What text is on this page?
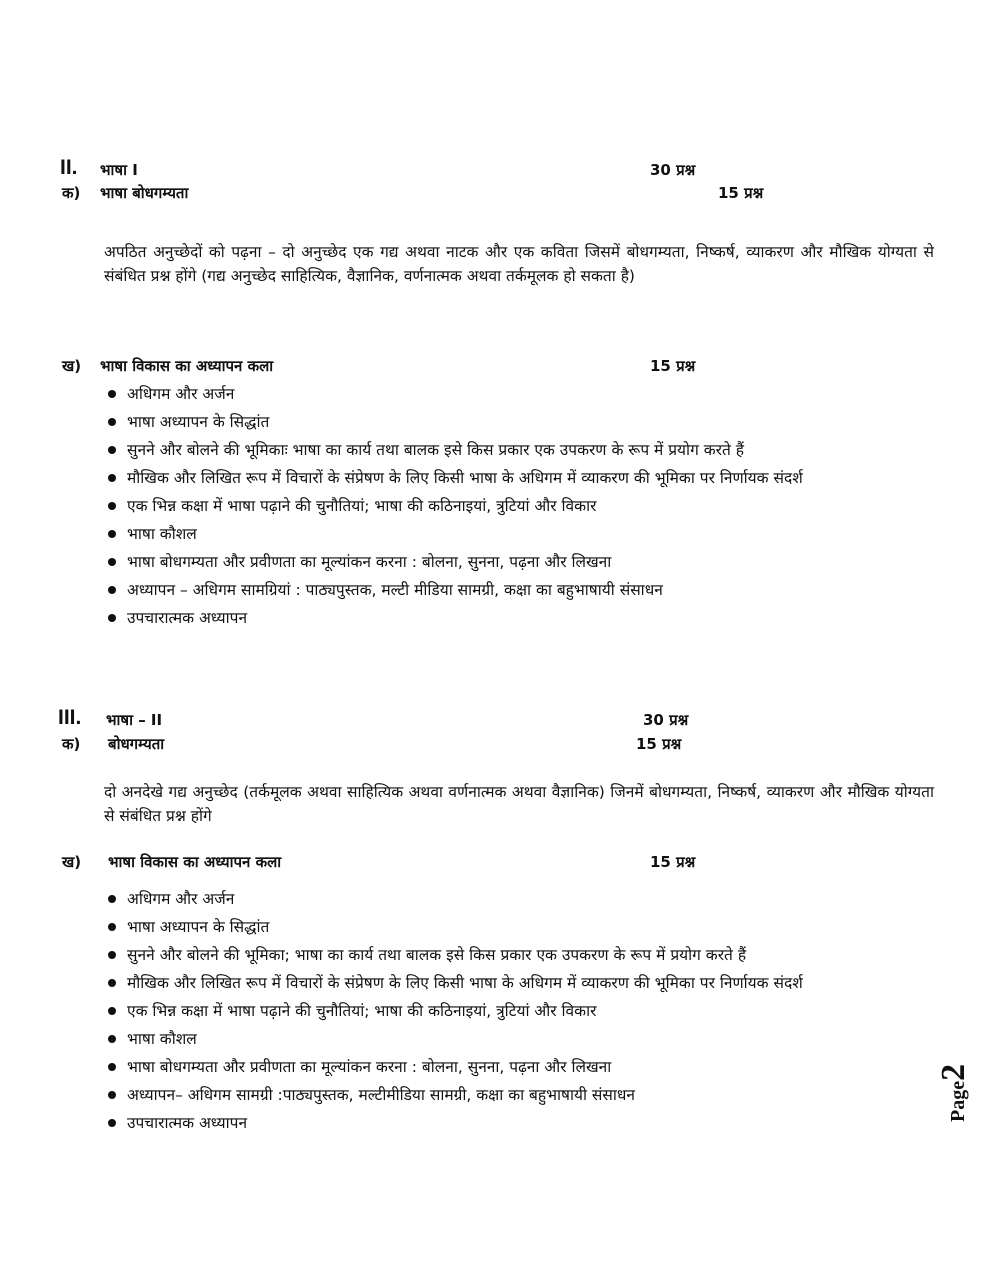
II. भाषा I	30 प्रश्न
क) भाषा बोधगम्यता	15 प्रश्न
अपठित अनुच्छेदों को पढ़ना – दो अनुच्छेद एक गद्य अथवा नाटक और एक कविता जिसमें बोधगम्यता, निष्कर्ष, व्याकरण और मौखिक योग्यता से संबंधित प्रश्न होंगे (गद्य अनुच्छेद साहित्यिक, वैज्ञानिक, वर्णनात्मक अथवा तर्कमूलक हो सकता है)
ख) भाषा विकास का अध्यापन कला	15 प्रश्न
अधिगम और अर्जन
भाषा अध्यापन के सिद्धांत
सुनने और बोलने की भूमिकाः भाषा का कार्य तथा बालक इसे किस प्रकार एक उपकरण के रूप में प्रयोग करते हैं
मौखिक और लिखित रूप में विचारों के संप्रेषण के लिए किसी भाषा के अधिगम में व्याकरण की भूमिका पर निर्णायक संदर्श
एक भिन्न कक्षा में भाषा पढ़ाने की चुनौतियां; भाषा की कठिनाइयां, त्रुटियां और विकार
भाषा कौशल
भाषा बोधगम्यता और प्रवीणता का मूल्यांकन करना : बोलना, सुनना, पढ़ना और लिखना
अध्यापन – अधिगम सामग्रियां : पाठ्यपुस्तक, मल्टी मीडिया सामग्री, कक्षा का बहुभाषायी संसाधन
उपचारात्मक अध्यापन
III. भाषा – II	30 प्रश्न
क) बोधगम्यता	15 प्रश्न
दो अनदेखे गद्य अनुच्छेद (तर्कमूलक अथवा साहित्यिक अथवा वर्णनात्मक अथवा वैज्ञानिक) जिनमें बोधगम्यता, निष्कर्ष, व्याकरण और मौखिक योग्यता से संबंधित प्रश्न होंगे
ख) भाषा विकास का अध्यापन कला	15 प्रश्न
अधिगम और अर्जन
भाषा अध्यापन के सिद्धांत
सुनने और बोलने की भूमिका; भाषा का कार्य तथा बालक इसे किस प्रकार एक उपकरण के रूप में प्रयोग करते हैं
मौखिक और लिखित रूप में विचारों के संप्रेषण के लिए किसी भाषा के अधिगम में व्याकरण की भूमिका पर निर्णायक संदर्श
एक भिन्न कक्षा में भाषा पढ़ाने की चुनौतियां; भाषा की कठिनाइयां, त्रुटियां और विकार
भाषा कौशल
भाषा बोधगम्यता और प्रवीणता का मूल्यांकन करना : बोलना, सुनना, पढ़ना और लिखना
अध्यापन– अधिगम सामग्री :पाठ्यपुस्तक, मल्टीमीडिया सामग्री, कक्षा का बहुभाषायी संसाधन
उपचारात्मक अध्यापन
Page2
